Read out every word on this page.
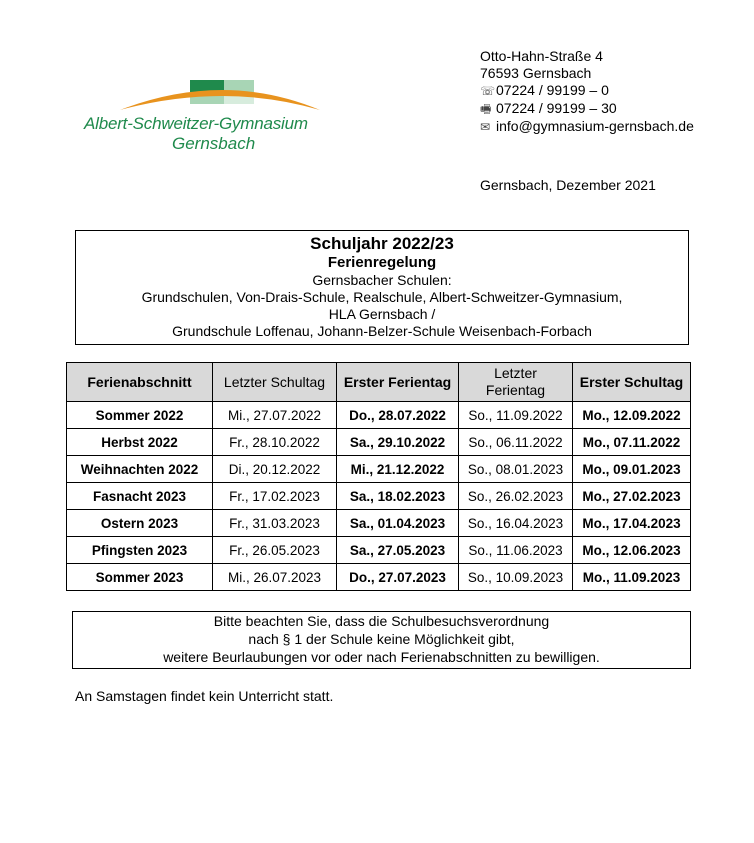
Albert-Schweitzer-Gymnasium
Gernsbach
Otto-Hahn-Straße 4
76593 Gernsbach
☏07224 / 99199 – 0
🖷 07224 / 99199 – 30
✉ info@gymnasium-gernsbach.de
Gernsbach, Dezember 2021
Schuljahr 2022/23
Ferienregelung
Gernsbacher Schulen:
Grundschulen, Von-Drais-Schule, Realschule, Albert-Schweitzer-Gymnasium,
HLA Gernsbach /
Grundschule Loffenau, Johann-Belzer-Schule Weisenbach-Forbach
Ferienabschnitt	Letzter Schultag	Erster Ferientag	Letzter Ferientag	Erster Schultag
Sommer 2022	Mi., 27.07.2022	Do., 28.07.2022	So., 11.09.2022	Mo., 12.09.2022
Herbst 2022	Fr., 28.10.2022	Sa., 29.10.2022	So., 06.11.2022	Mo., 07.11.2022
Weihnachten 2022	Di., 20.12.2022	Mi., 21.12.2022	So., 08.01.2023	Mo., 09.01.2023
Fasnacht 2023	Fr., 17.02.2023	Sa., 18.02.2023	So., 26.02.2023	Mo., 27.02.2023
Ostern 2023	Fr., 31.03.2023	Sa., 01.04.2023	So., 16.04.2023	Mo., 17.04.2023
Pfingsten 2023	Fr., 26.05.2023	Sa., 27.05.2023	So., 11.06.2023	Mo., 12.06.2023
Sommer 2023	Mi., 26.07.2023	Do., 27.07.2023	So., 10.09.2023	Mo., 11.09.2023
Bitte beachten Sie, dass die Schulbesuchsverordnung
nach § 1 der Schule keine Möglichkeit gibt,
weitere Beurlaubungen vor oder nach Ferienabschnitten zu bewilligen.
An Samstagen findet kein Unterricht statt.
